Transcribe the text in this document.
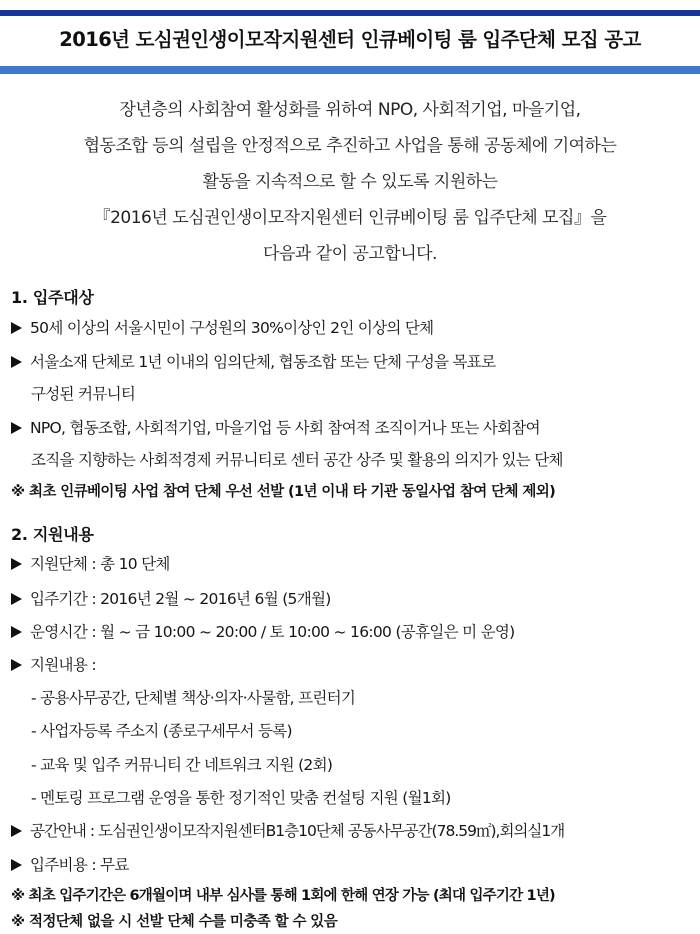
2016년 도심권인생이모작지원센터 인큐베이팅 룸 입주단체 모집 공고
장년층의 사회참여 활성화를 위하여 NPO, 사회적기업, 마을기업,
협동조합 등의 설립을 안정적으로 추진하고 사업을 통해 공동체에 기여하는
활동을 지속적으로 할 수 있도록 지원하는
『2016년 도심권인생이모작지원센터 인큐베이팅 룸 입주단체 모집』을
다음과 같이 공고합니다.
1. 입주대상
50세 이상의 서울시민이 구성원의 30%이상인 2인 이상의 단체
서울소재 단체로 1년 이내의 임의단체, 협동조합 또는 단체 구성을 목표로
구성된 커뮤니티
NPO, 협동조합, 사회적기업, 마을기업 등 사회 참여적 조직이거나 또는 사회참여
조직을 지향하는 사회적경제 커뮤니티로 센터 공간 상주 및 활용의 의지가 있는 단체
※ 최초 인큐베이팅 사업 참여 단체 우선 선발 (1년 이내 타 기관 동일사업 참여 단체 제외)
2. 지원내용
지원단체 : 총 10 단체
입주기간 : 2016년 2월 ~ 2016년 6월 (5개월)
운영시간 : 월 ~ 금 10:00 ~ 20:00 / 토 10:00 ~ 16:00 (공휴일은 미 운영)
지원내용 :
- 공용사무공간, 단체별 책상·의자·사물함, 프린터기
- 사업자등록 주소지 (종로구세무서 등록)
- 교육 및 입주 커뮤니티 간 네트워크 지원 (2회)
- 멘토링 프로그램 운영을 통한 정기적인 맞춤 컨설팅 지원 (월1회)
공간안내 : 도심권인생이모작지원센터B1층10단체 공동사무공간(78.59㎡),회의실1개
입주비용 : 무료
※ 최초 입주기간은 6개월이며 내부 심사를 통해 1회에 한해 연장 가능 (최대 입주기간 1년)
※ 적정단체 없을 시 선발 단체 수를 미충족 할 수 있음
